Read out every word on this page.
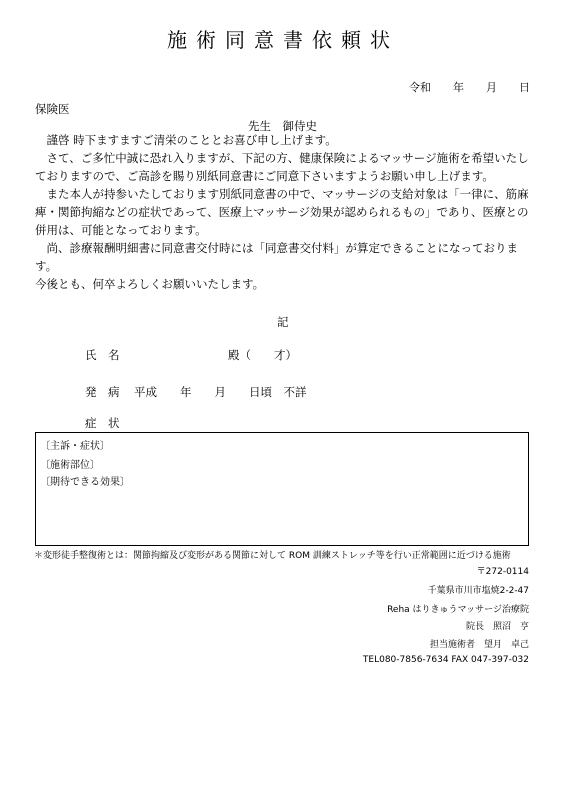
施術同意書依頼状
令和　　年　　月　　日
保険医
先生　御侍史

　謹啓 時下ますますご清栄のこととお喜び申し上げます。

　さて、ご多忙中誠に恐れ入りますが、下記の方、健康保険によるマッサージ施術を希望いたしておりますので、ご高診を賜り別紙同意書にご同意下さいますようお願い申し上げます。

　また本人が持参いたしております別紙同意書の中で、マッサージの支給対象は「一律に、筋麻痺・関節拘縮などの症状であって、医療上マッサージ効果が認められるもの」であり、医療との併用は、可能となっております。

　尚、診療報酬明細書に同意書交付時には「同意書交付料」が算定できることになっております。

今後とも、何卒よろしくお願いいたします。

記
氏　名	殿（　　才）
発　病 平成　　年　　月　　日頃　不詳
症　状
〔主訴・症状〕
〔施術部位〕
〔期待できる効果〕
＊変形徒手整復術とは：関節拘縮及び変形がある関節に対して ROM 訓練ストレッチ等を行い正常範囲に近づける施術
〒272-0114
千葉県市川市塩焼2-2-47
Reha はりきゅうマッサージ治療院
院長　照沼　亨
担当施術者　望月　卓己
TEL080-7856-7634 FAX 047-397-032
